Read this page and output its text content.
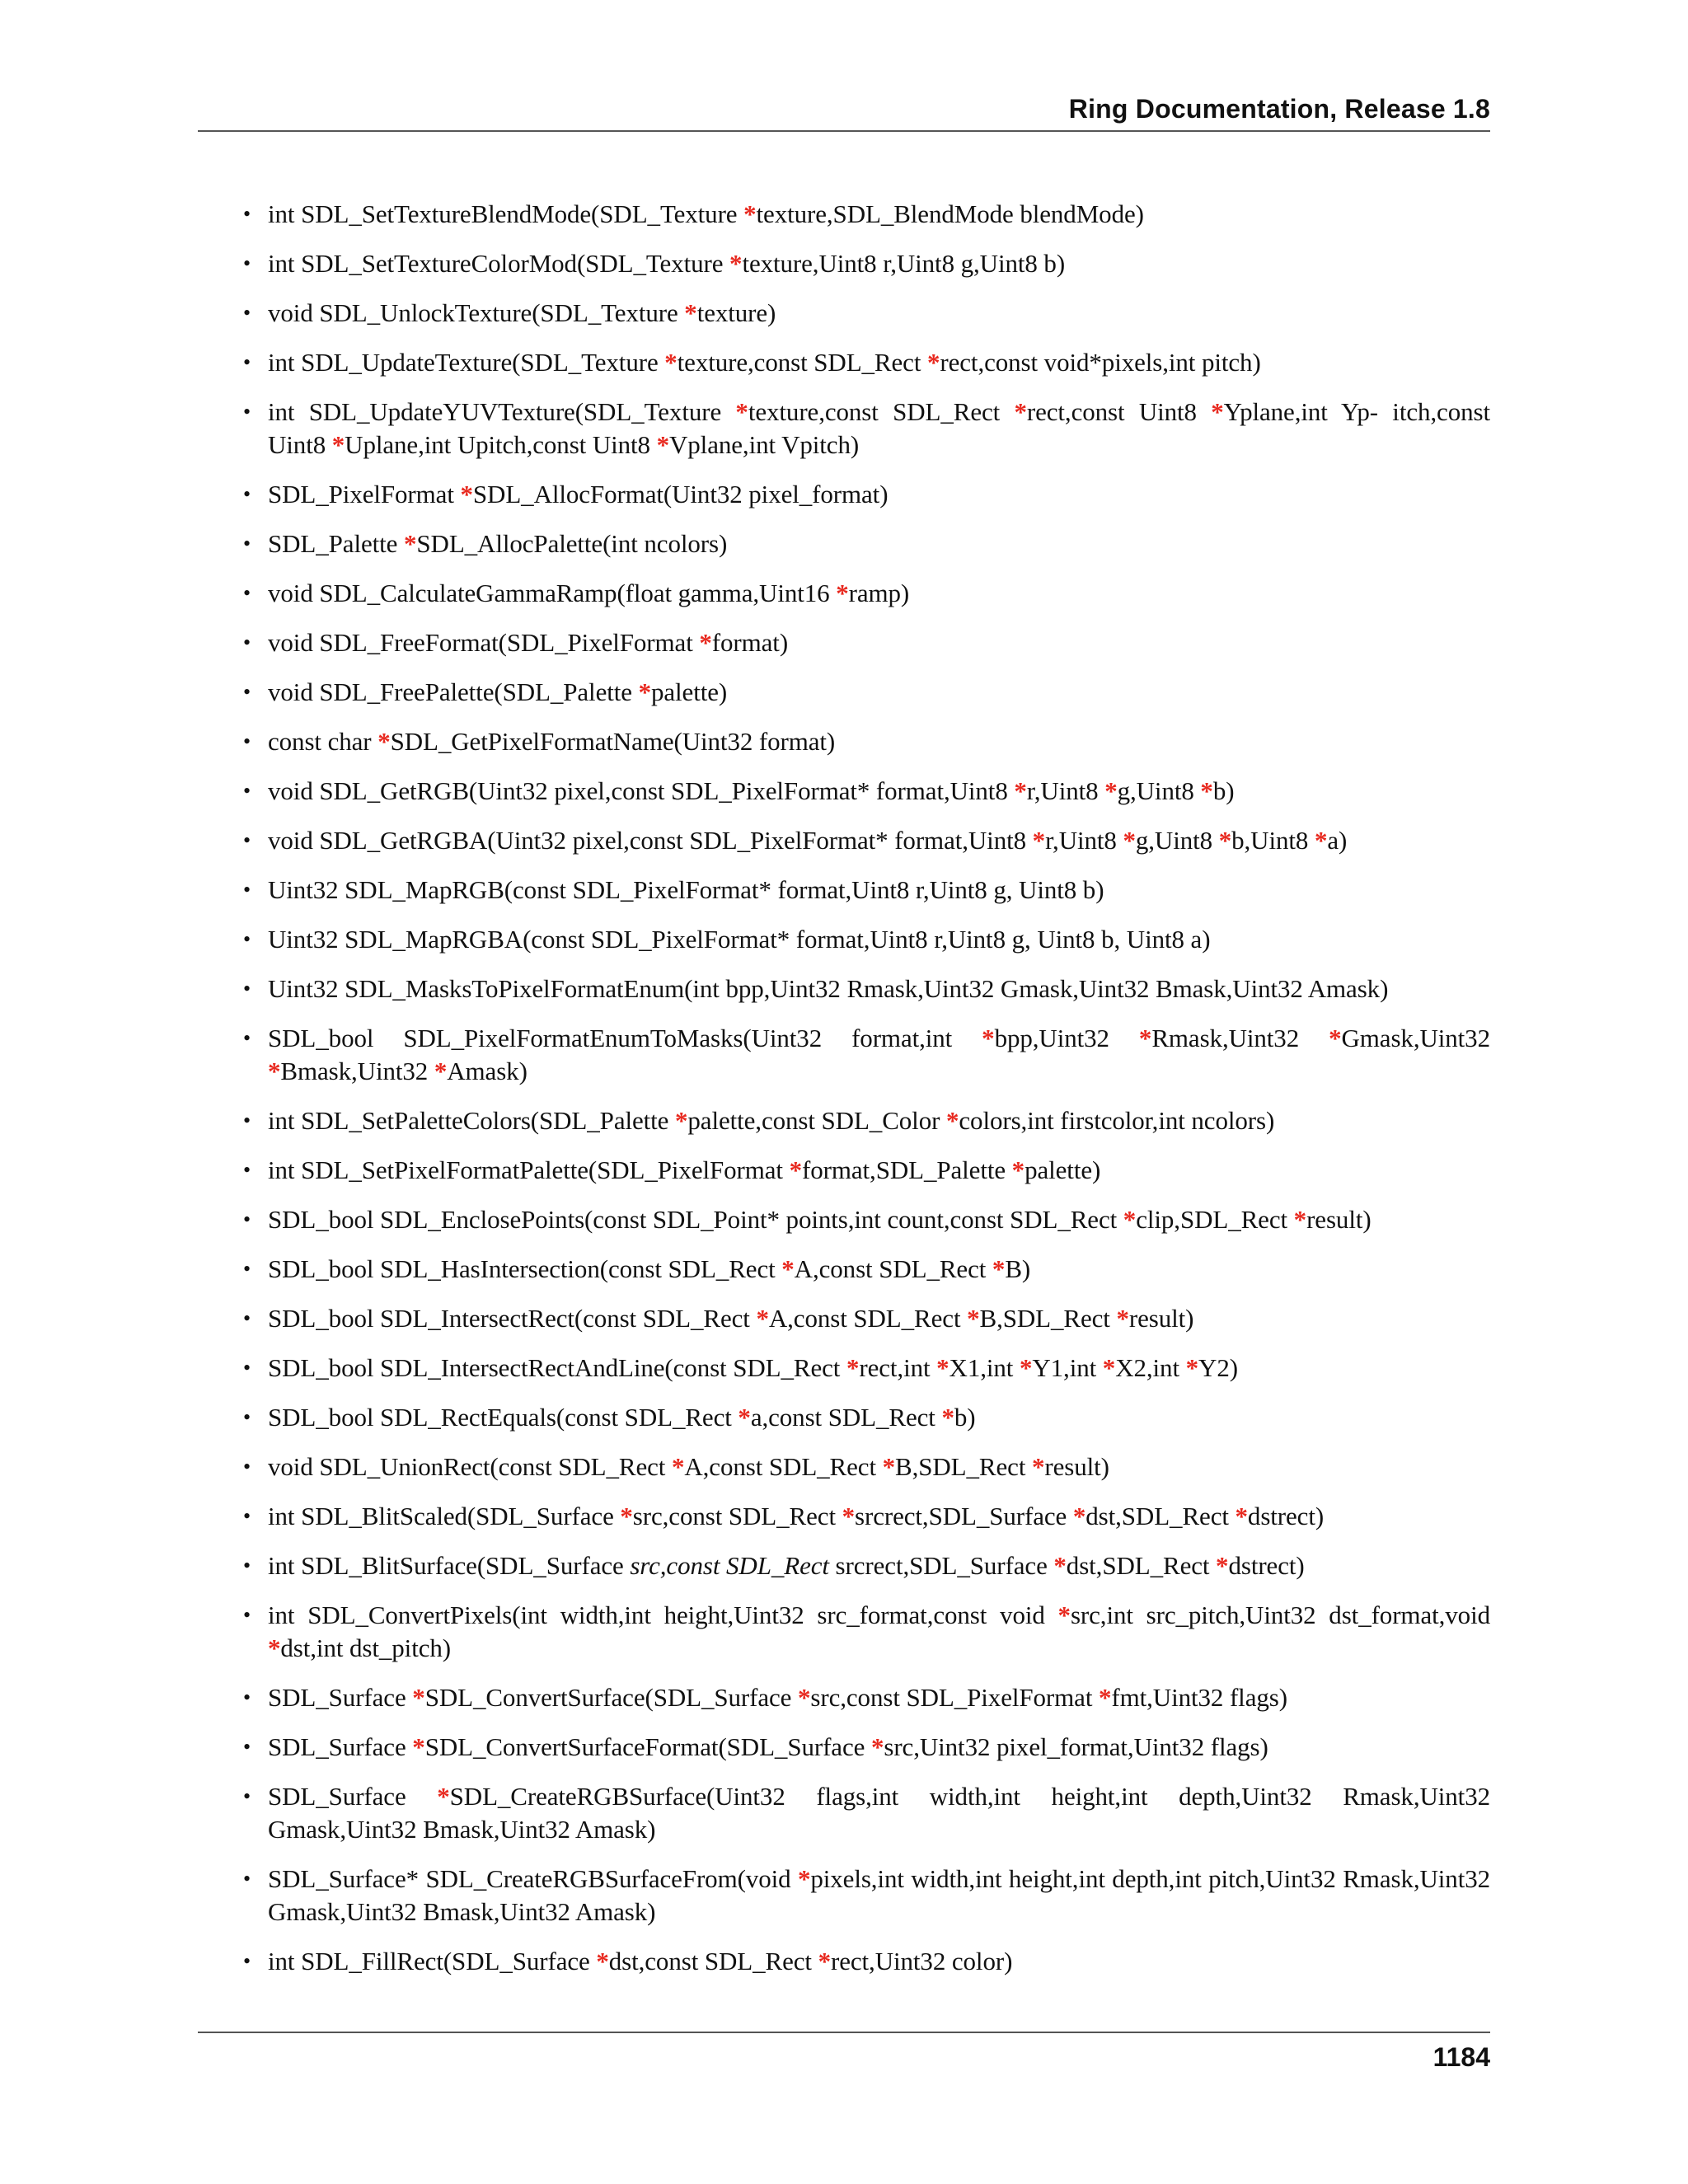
Ring Documentation, Release 1.8
• int SDL_SetTextureBlendMode(SDL_Texture *texture,SDL_BlendMode blendMode)
• int SDL_SetTextureColorMod(SDL_Texture *texture,Uint8 r,Uint8 g,Uint8 b)
• void SDL_UnlockTexture(SDL_Texture *texture)
• int SDL_UpdateTexture(SDL_Texture *texture,const SDL_Rect *rect,const void*pixels,int pitch)
• int SDL_UpdateYUVTexture(SDL_Texture *texture,const SDL_Rect *rect,const Uint8 *Yplane,int Yp- itch,const Uint8 *Uplane,int Upitch,const Uint8 *Vplane,int Vpitch)
• SDL_PixelFormat *SDL_AllocFormat(Uint32 pixel_format)
• SDL_Palette *SDL_AllocPalette(int ncolors)
• void SDL_CalculateGammaRamp(float gamma,Uint16 *ramp)
• void SDL_FreeFormat(SDL_PixelFormat *format)
• void SDL_FreePalette(SDL_Palette *palette)
• const char *SDL_GetPixelFormatName(Uint32 format)
• void SDL_GetRGB(Uint32 pixel,const SDL_PixelFormat* format,Uint8 *r,Uint8 *g,Uint8 *b)
• void SDL_GetRGBA(Uint32 pixel,const SDL_PixelFormat* format,Uint8 *r,Uint8 *g,Uint8 *b,Uint8 *a)
• Uint32 SDL_MapRGB(const SDL_PixelFormat* format,Uint8 r,Uint8 g, Uint8 b)
• Uint32 SDL_MapRGBA(const SDL_PixelFormat* format,Uint8 r,Uint8 g, Uint8 b, Uint8 a)
• Uint32 SDL_MasksToPixelFormatEnum(int bpp,Uint32 Rmask,Uint32 Gmask,Uint32 Bmask,Uint32 Amask)
• SDL_bool SDL_PixelFormatEnumToMasks(Uint32 format,int *bpp,Uint32 *Rmask,Uint32 *Gmask,Uint32 *Bmask,Uint32 *Amask)
• int SDL_SetPaletteColors(SDL_Palette *palette,const SDL_Color *colors,int firstcolor,int ncolors)
• int SDL_SetPixelFormatPalette(SDL_PixelFormat *format,SDL_Palette *palette)
• SDL_bool SDL_EnclosePoints(const SDL_Point* points,int count,const SDL_Rect *clip,SDL_Rect *result)
• SDL_bool SDL_HasIntersection(const SDL_Rect *A,const SDL_Rect *B)
• SDL_bool SDL_IntersectRect(const SDL_Rect *A,const SDL_Rect *B,SDL_Rect *result)
• SDL_bool SDL_IntersectRectAndLine(const SDL_Rect *rect,int *X1,int *Y1,int *X2,int *Y2)
• SDL_bool SDL_RectEquals(const SDL_Rect *a,const SDL_Rect *b)
• void SDL_UnionRect(const SDL_Rect *A,const SDL_Rect *B,SDL_Rect *result)
• int SDL_BlitScaled(SDL_Surface *src,const SDL_Rect *srcrect,SDL_Surface *dst,SDL_Rect *dstrect)
• int SDL_BlitSurface(SDL_Surface src,const SDL_Rect srcrect,SDL_Surface *dst,SDL_Rect *dstrect)
• int SDL_ConvertPixels(int width,int height,Uint32 src_format,const void *src,int src_pitch,Uint32 dst_format,void *dst,int dst_pitch)
• SDL_Surface *SDL_ConvertSurface(SDL_Surface *src,const SDL_PixelFormat *fmt,Uint32 flags)
• SDL_Surface *SDL_ConvertSurfaceFormat(SDL_Surface *src,Uint32 pixel_format,Uint32 flags)
• SDL_Surface *SDL_CreateRGBSurface(Uint32 flags,int width,int height,int depth,Uint32 Rmask,Uint32 Gmask,Uint32 Bmask,Uint32 Amask)
• SDL_Surface* SDL_CreateRGBSurfaceFrom(void *pixels,int width,int height,int depth,int pitch,Uint32 Rmask,Uint32 Gmask,Uint32 Bmask,Uint32 Amask)
• int SDL_FillRect(SDL_Surface *dst,const SDL_Rect *rect,Uint32 color)
1184
